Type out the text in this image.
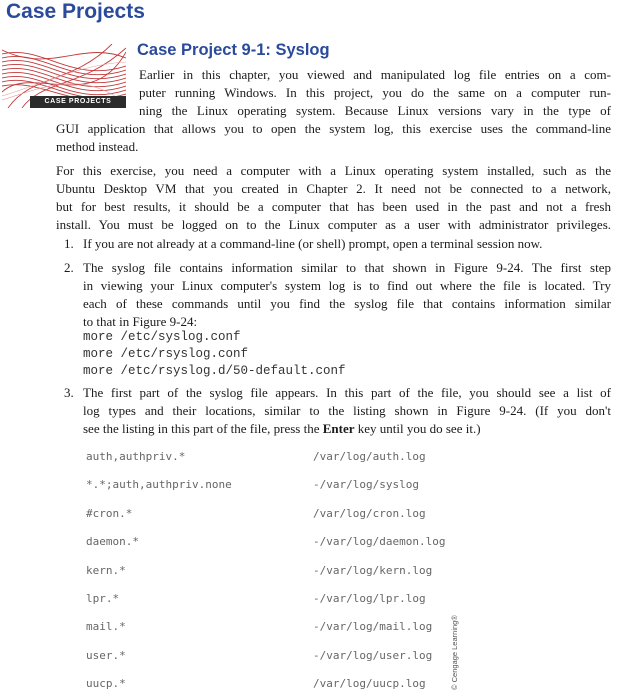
Case Projects
CASE PROJECTS
Case Project 9-1: Syslog
Earlier in this chapter, you viewed and manipulated log file entries on a com-
puter running Windows. In this project, you do the same on a computer run-
ning the Linux operating system. Because Linux versions vary in the type of
GUI application that allows you to open the system log, this exercise uses the command-line
method instead.
For this exercise, you need a computer with a Linux operating system installed, such as the
Ubuntu Desktop VM that you created in Chapter 2. It need not be connected to a network,
but for best results, it should be a computer that has been used in the past and not a fresh
install. You must be logged on to the Linux computer as a user with administrator privileges.
1. If you are not already at a command-line (or shell) prompt, open a terminal session now.
2. The syslog file contains information similar to that shown in Figure 9-24. The first step
in viewing your Linux computer's system log is to find out where the file is located. Try
each of these commands until you find the syslog file that contains information similar
to that in Figure 9-24:
more /etc/syslog.conf
more /etc/rsyslog.conf
more /etc/rsyslog.d/50-default.conf
3. The first part of the syslog file appears. In this part of the file, you should see a list of
log types and their locations, similar to the listing shown in Figure 9-24. (If you don't
see the listing in this part of the file, press the Enter key until you do see it.)
auth,authpriv.*	/var/log/auth.log
*.*;auth,authpriv.none	-/var/log/syslog
#cron.*	/var/log/cron.log
daemon.*	-/var/log/daemon.log
kern.*	-/var/log/kern.log
lpr.*	-/var/log/lpr.log
mail.*	-/var/log/mail.log
user.*	-/var/log/user.log
uucp.*	/var/log/uucp.log	© Cengage Learning®
